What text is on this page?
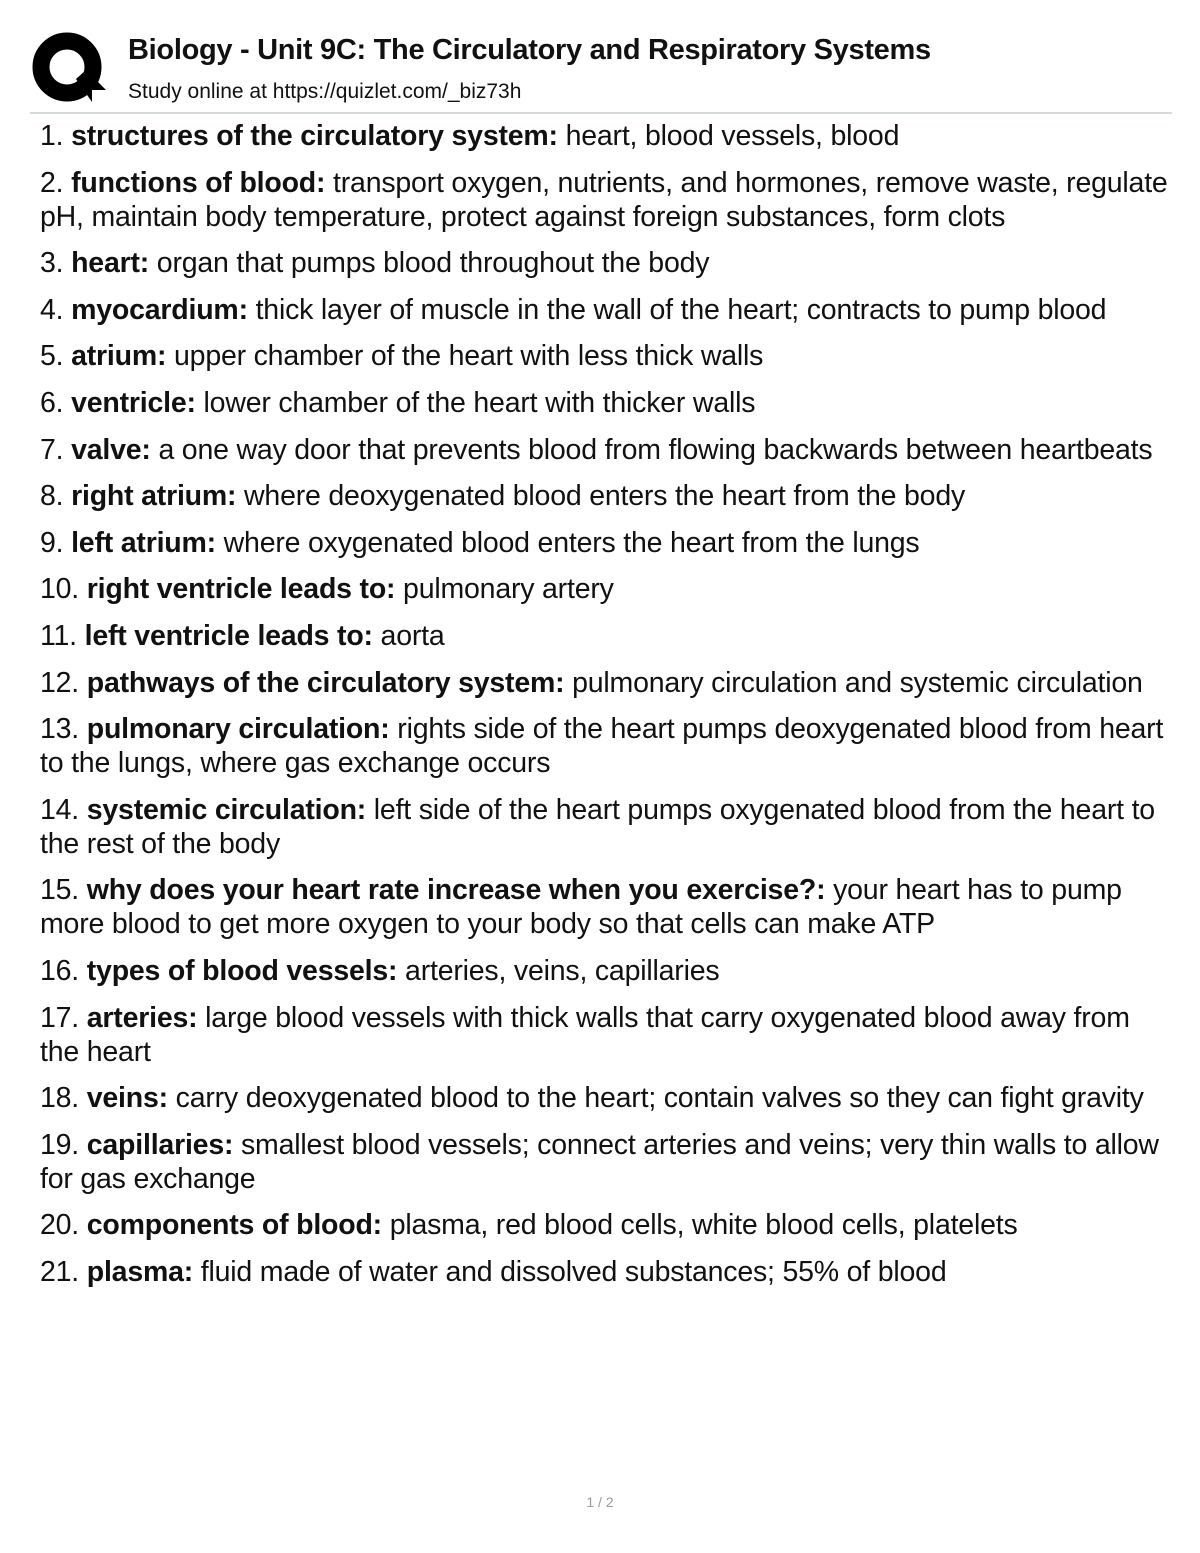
Biology - Unit 9C: The Circulatory and Respiratory Systems
Study online at https://quizlet.com/_biz73h
1. structures of the circulatory system: heart, blood vessels, blood
2. functions of blood: transport oxygen, nutrients, and hormones, remove waste, regulate pH, maintain body temperature, protect against foreign substances, form clots
3. heart: organ that pumps blood throughout the body
4. myocardium: thick layer of muscle in the wall of the heart; contracts to pump blood
5. atrium: upper chamber of the heart with less thick walls
6. ventricle: lower chamber of the heart with thicker walls
7. valve: a one way door that prevents blood from flowing backwards between heartbeats
8. right atrium: where deoxygenated blood enters the heart from the body
9. left atrium: where oxygenated blood enters the heart from the lungs
10. right ventricle leads to: pulmonary artery
11. left ventricle leads to: aorta
12. pathways of the circulatory system: pulmonary circulation and systemic circulation
13. pulmonary circulation: rights side of the heart pumps deoxygenated blood from heart to the lungs, where gas exchange occurs
14. systemic circulation: left side of the heart pumps oxygenated blood from the heart to the rest of the body
15. why does your heart rate increase when you exercise?: your heart has to pump more blood to get more oxygen to your body so that cells can make ATP
16. types of blood vessels: arteries, veins, capillaries
17. arteries: large blood vessels with thick walls that carry oxygenated blood away from the heart
18. veins: carry deoxygenated blood to the heart; contain valves so they can fight gravity
19. capillaries: smallest blood vessels; connect arteries and veins; very thin walls to allow for gas exchange
20. components of blood: plasma, red blood cells, white blood cells, platelets
21. plasma: fluid made of water and dissolved substances; 55% of blood
1 / 2
